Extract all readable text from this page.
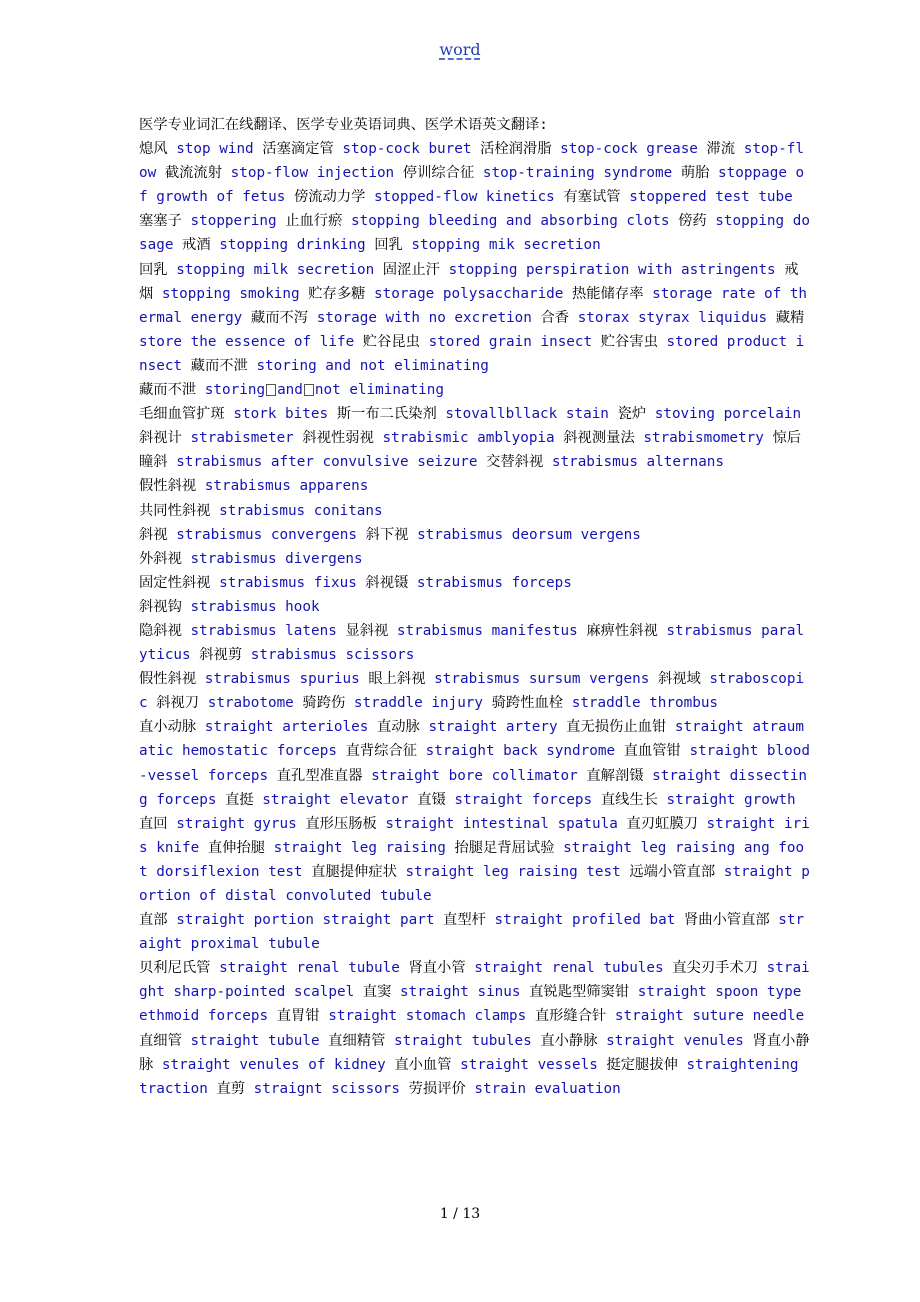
word

医学专业词汇在线翻译、医学专业英语词典、医学术语英文翻译:

熄风 stop wind 活塞滴定管 stop-cock buret 活栓润滑脂 stop-cock grease 滞流 stop-flow 截流流射 stop-flow injection 停训综合征 stop-training syndrome 萌胎 stoppage of growth of fetus 傍流动力学 stopped-flow kinetics 有塞试管 stoppered test tube 塞塞子 stoppering 止血行瘀 stopping bleeding and absorbing clots 傍药 stopping dosage 戒酒 stopping drinking 回乳 stopping mik secretion

回乳 stopping milk secretion 固涩止汗 stopping perspiration with astringents 戒烟 stopping smoking 贮存多糖 storage polysaccharide 热能储存率 storage rate of thermal energy 藏而不泻 storage with no excretion 合香 storax styrax liquidus 藏精 store the essence of life 贮谷昆虫 stored grain insect 贮谷害虫 stored product insect 藏而不泄 storing and not eliminating

藏而不泄 storing and not eliminating

毛细血管扩斑 stork bites 斯一布二氏染剂 stovallbllack stain 瓷炉 stoving porcelain 斜视计 strabismeter 斜视性弱视 strabismic amblyopia 斜视测量法 strabismometry 惊后瞳斜 strabismus after convulsive seizure 交替斜视 strabismus alternans

假性斜视 strabismus apparens

共同性斜视 strabismus conitans

斜视 strabismus convergens 斜下视 strabismus deorsum vergens

外斜视 strabismus divergens

固定性斜视 strabismus fixus 斜视镊 strabismus forceps

斜视钩 strabismus hook

隐斜视 strabismus latens 显斜视 strabismus manifestus 麻痹性斜视 strabismus paralyticus 斜视剪 strabismus scissors

假性斜视 strabismus spurius 眼上斜视 strabismus sursum vergens 斜视域 straboscopic 斜视刀 strabotome 骑跨伤 straddle injury 骑跨性血栓 straddle thrombus

直小动脉 straight arterioles 直动脉 straight artery 直无损伤止血钳 straight atraumatic hemostatic forceps 直背综合征 straight back syndrome 直血管钳 straight blood-vessel forceps 直孔型准直器 straight bore collimator 直解剖镊 straight dissecting forceps 直挺 straight elevator 直镊 straight forceps 直线生长 straight growth

直回 straight gyrus 直形压肠板 straight intestinal spatula 直刃虹膜刀 straight iris knife 直伸抬腿 straight leg raising 抬腿足背屈试验 straight leg raising ang foot dorsiflexion test 直腿提伸症状 straight leg raising test 远端小管直部 straight portion of distal convoluted tubule

直部 straight portion straight part 直型杆 straight profiled bat 肾曲小管直部 straight proximal tubule

贝利尼氏管 straight renal tubule 肾直小管 straight renal tubules 直尖刃手术刀 straight sharp-pointed scalpel 直窦 straight sinus 直锐匙型筛窦钳 straight spoon type ethmoid forceps 直胃钳 straight stomach clamps 直形缝合针 straight suture needle 直细管 straight tubule 直细精管 straight tubules 直小静脉 straight venules 肾直小静脉 straight venules of kidney 直小血管 straight vessels 挺定腿拔伸 straightening traction 直剪 straignt scissors 劳损评价 strain evaluation

1 / 13
